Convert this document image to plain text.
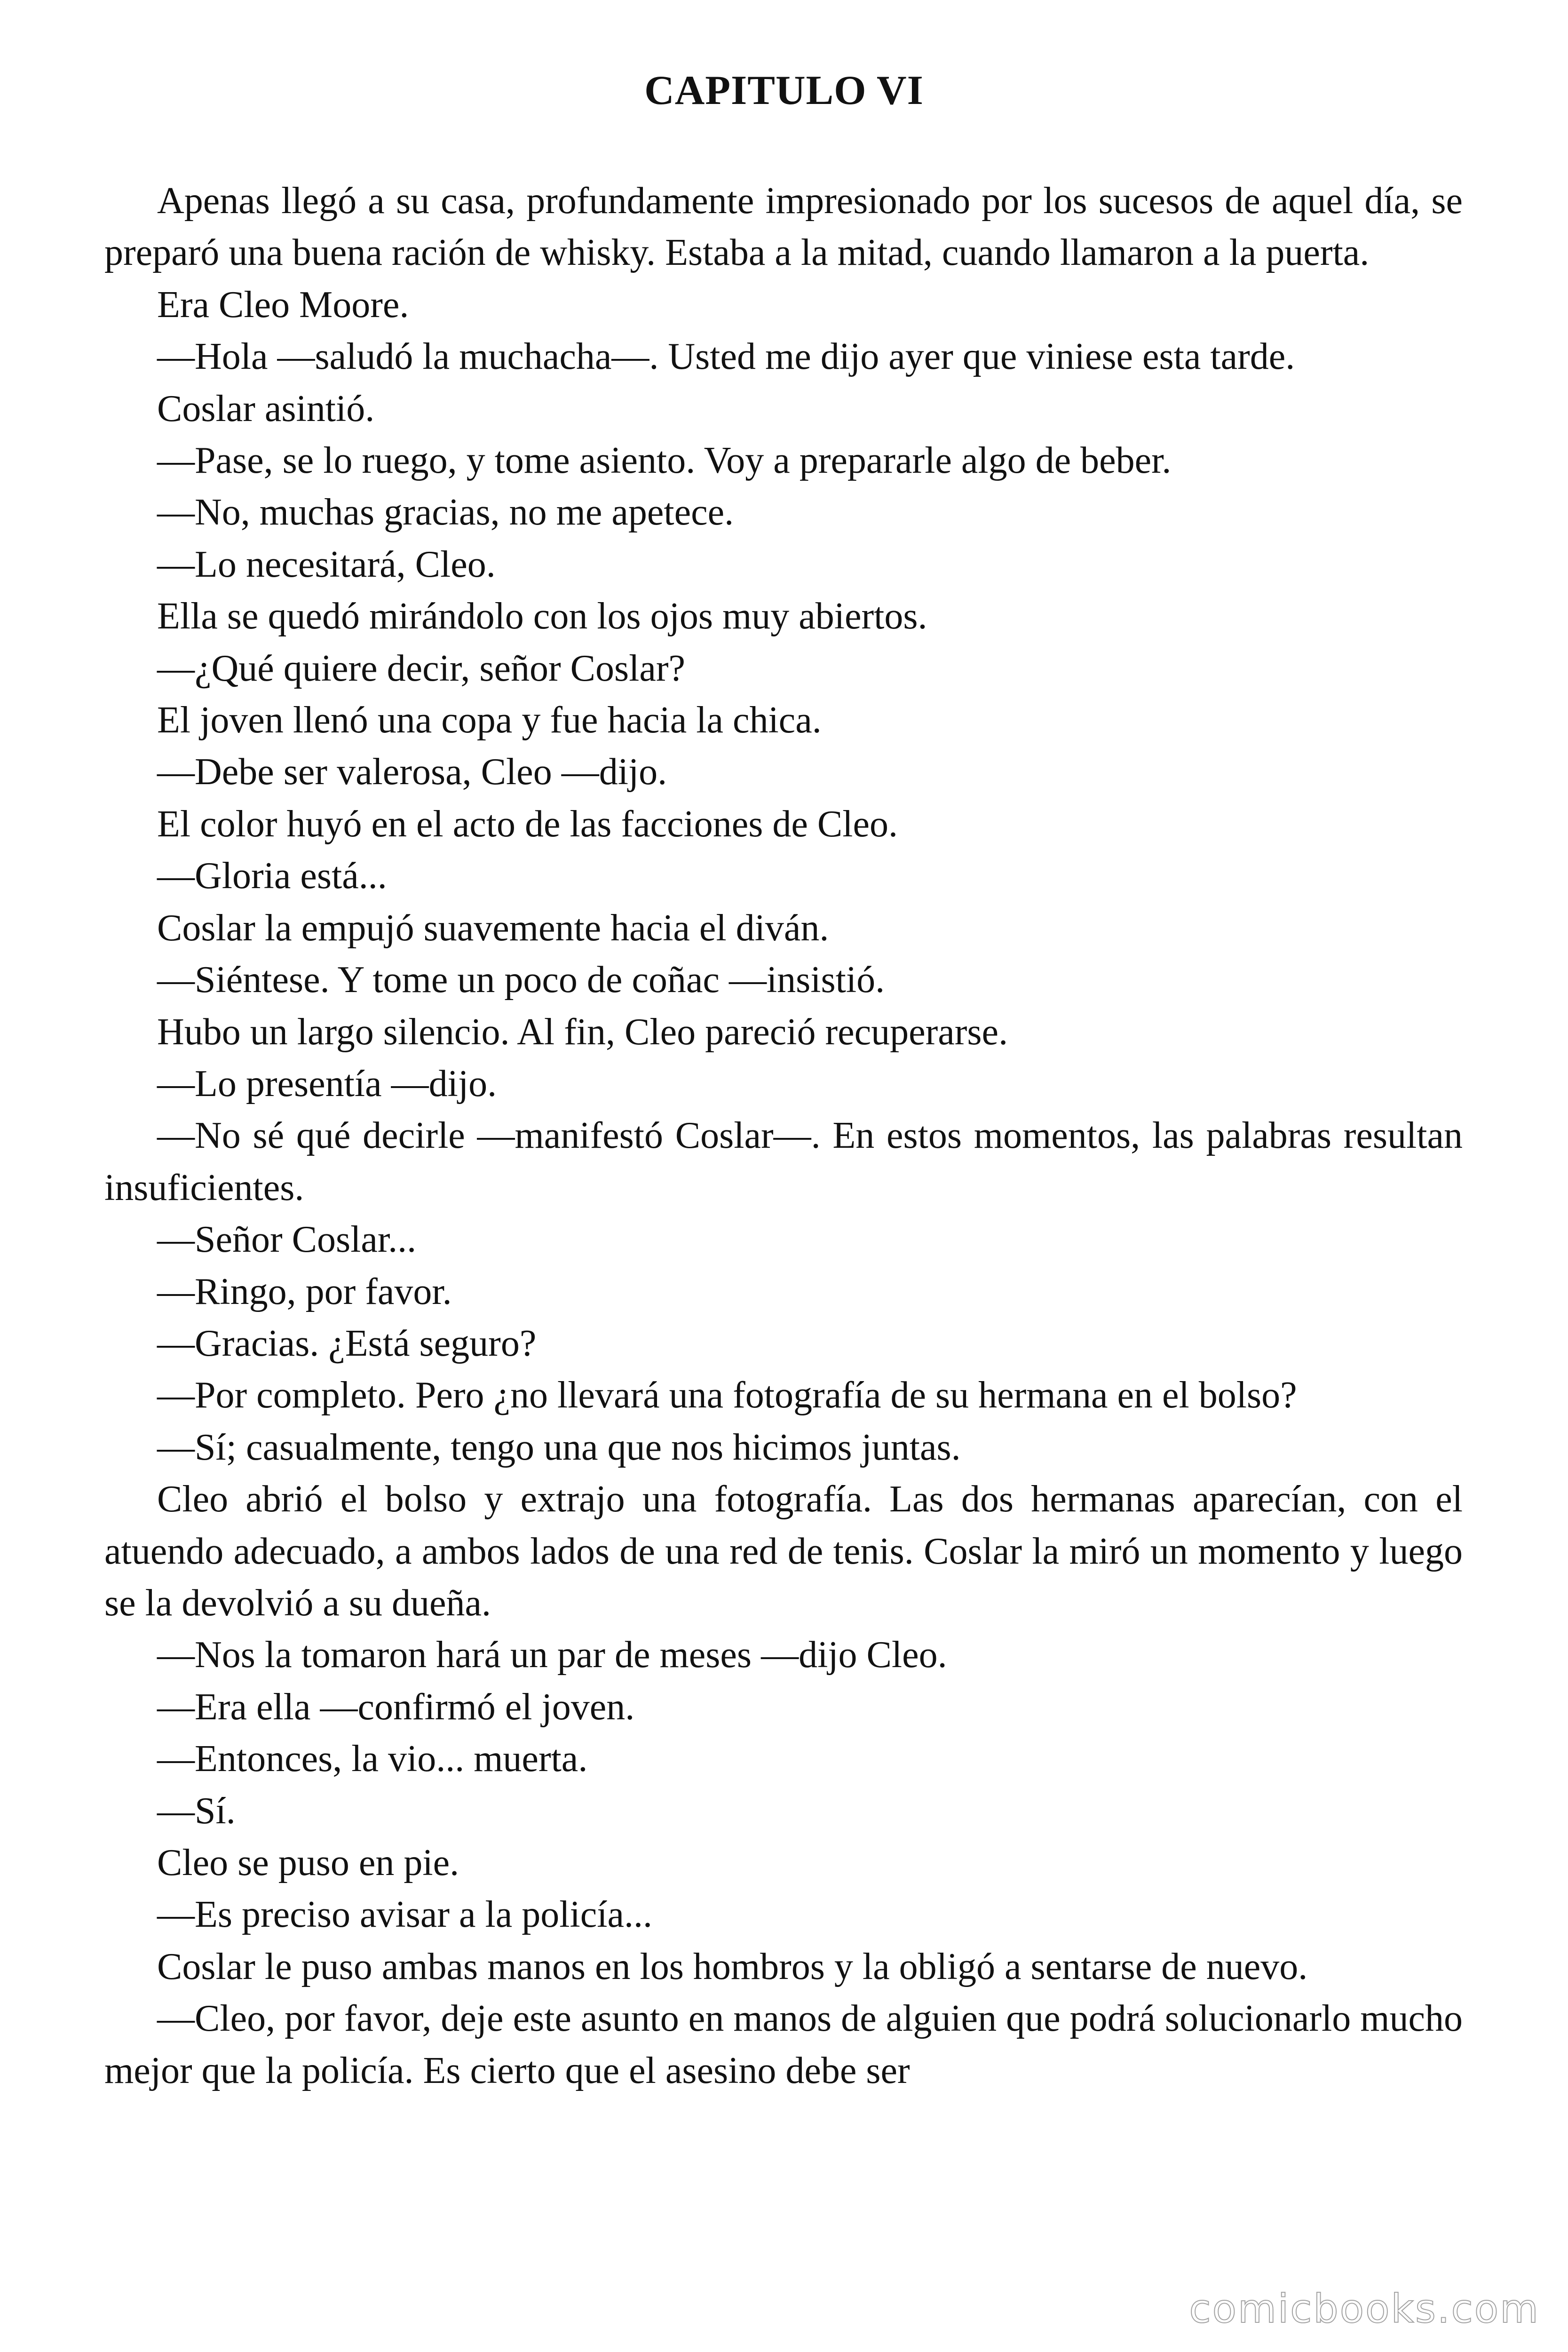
CAPITULO VI

Apenas llegó a su casa, profundamente impresionado por los sucesos de aquel día, se preparó una buena ración de whisky. Estaba a la mitad, cuando llamaron a la puerta.

Era Cleo Moore.

—Hola —saludó la muchacha—. Usted me dijo ayer que viniese esta tarde.

Coslar asintió.

—Pase, se lo ruego, y tome asiento. Voy a prepararle algo de beber.

—No, muchas gracias, no me apetece.

—Lo necesitará, Cleo.

Ella se quedó mirándolo con los ojos muy abiertos.

—¿Qué quiere decir, señor Coslar?

El joven llenó una copa y fue hacia la chica.

—Debe ser valerosa, Cleo —dijo.

El color huyó en el acto de las facciones de Cleo.

—Gloria está...

Coslar la empujó suavemente hacia el diván.

—Siéntese. Y tome un poco de coñac —insistió.

Hubo un largo silencio. Al fin, Cleo pareció recuperarse.

—Lo presentía —dijo.

—No sé qué decirle —manifestó Coslar—. En estos momentos, las palabras resultan insuficientes.

—Señor Coslar...

—Ringo, por favor.

—Gracias. ¿Está seguro?

—Por completo. Pero ¿no llevará una fotografía de su hermana en el bolso?

—Sí; casualmente, tengo una que nos hicimos juntas.

Cleo abrió el bolso y extrajo una fotografía. Las dos hermanas aparecían, con el atuendo adecuado, a ambos lados de una red de tenis. Coslar la miró un momento y luego se la devolvió a su dueña.

—Nos la tomaron hará un par de meses —dijo Cleo.

—Era ella —confirmó el joven.

—Entonces, la vio... muerta.

—Sí.

Cleo se puso en pie.

—Es preciso avisar a la policía...

Coslar le puso ambas manos en los hombros y la obligó a sentarse de nuevo.

—Cleo, por favor, deje este asunto en manos de alguien que podrá solucionarlo mucho mejor que la policía. Es cierto que el asesino debe ser

comicbooks.com
